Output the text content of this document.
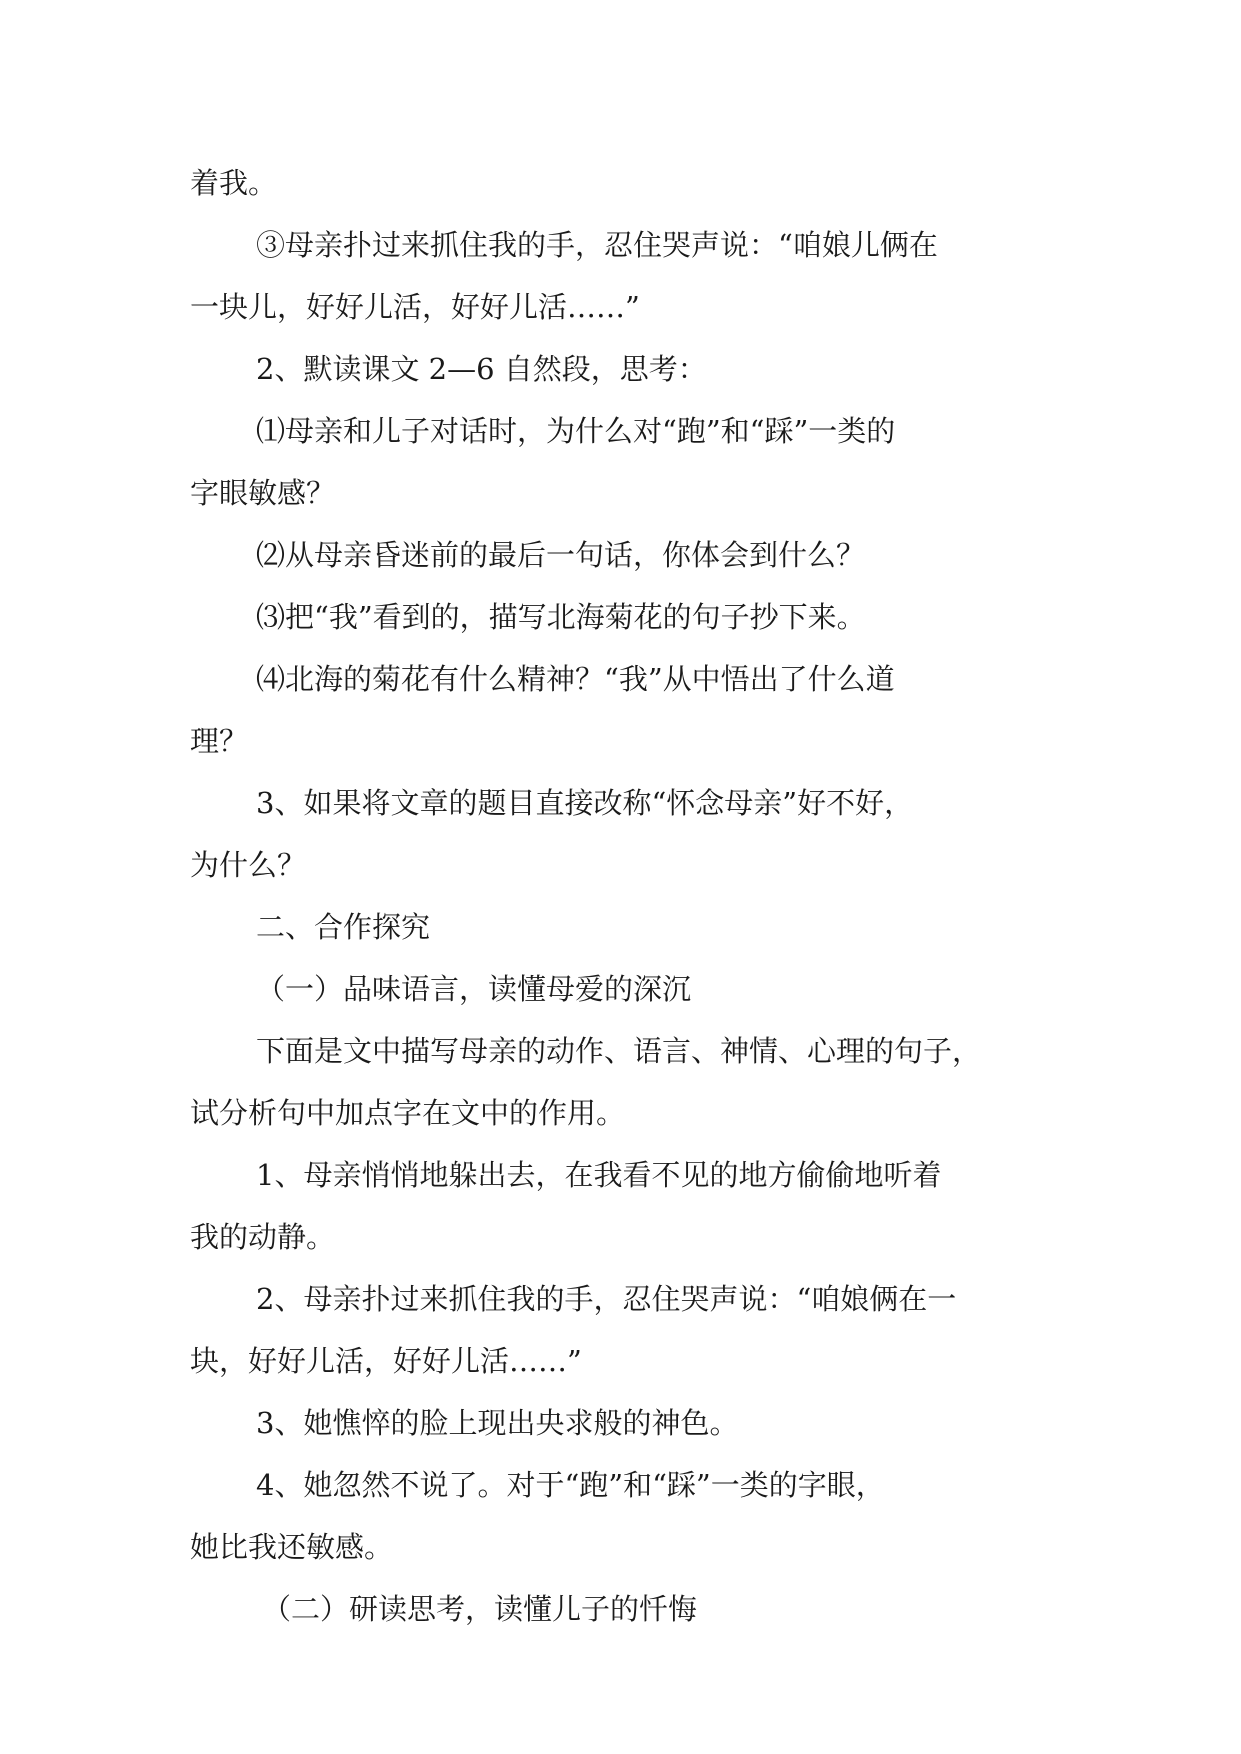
着我。

③母亲扑过来抓住我的手，忍住哭声说：“咱娘儿俩在

一块儿，好好儿活，好好儿活……”

2、默读课文 2—6 自然段，思考：

⑴母亲和儿子对话时，为什么对“跑”和“踩”一类的

字眼敏感？

⑵从母亲昏迷前的最后一句话，你体会到什么？

⑶把“我”看到的，描写北海菊花的句子抄下来。

⑷北海的菊花有什么精神？“我”从中悟出了什么道

理？

3、如果将文章的题目直接改称“怀念母亲”好不好，

为什么？

二、合作探究

（一）品味语言，读懂母爱的深沉

下面是文中描写母亲的动作、语言、神情、心理的句子，

试分析句中加点字在文中的作用。

1、母亲悄悄地躲出去，在我看不见的地方偷偷地听着

我的动静。

2、母亲扑过来抓住我的手，忍住哭声说：“咱娘俩在一

块，好好儿活，好好儿活……”

3、她憔悴的脸上现出央求般的神色。

4、她忽然不说了。对于“跑”和“踩”一类的字眼，

她比我还敏感。

（二）研读思考，读懂儿子的忏悔
